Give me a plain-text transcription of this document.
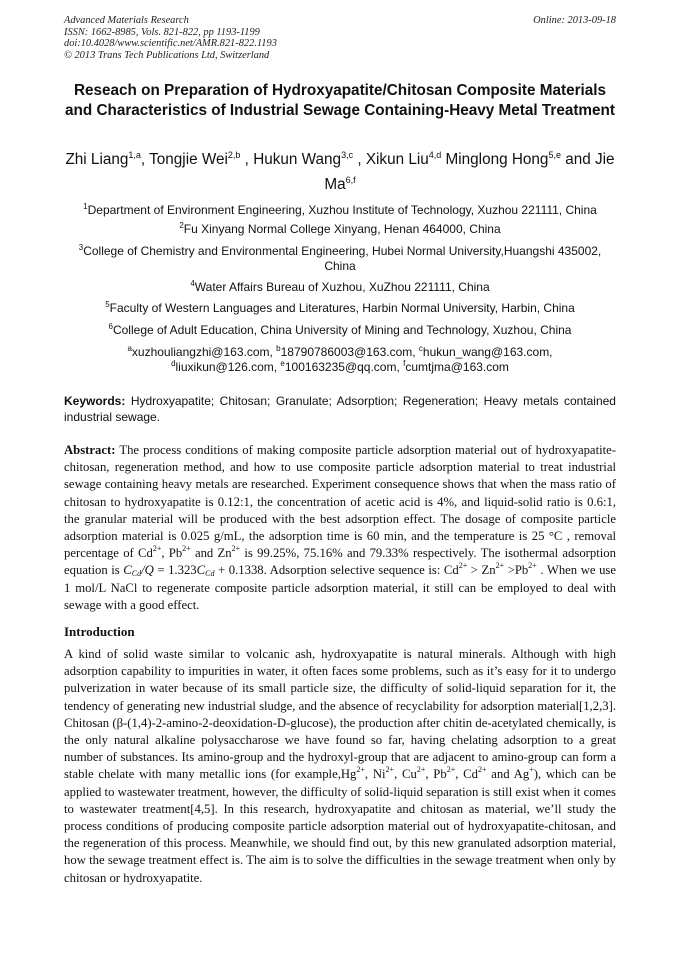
Advanced Materials Research
ISSN: 1662-8985, Vols. 821-822, pp 1193-1199
doi:10.4028/www.scientific.net/AMR.821-822.1193
© 2013 Trans Tech Publications Ltd, Switzerland
Online: 2013-09-18
Reseach on Preparation of Hydroxyapatite/Chitosan Composite Materials and Characteristics of Industrial Sewage Containing-Heavy Metal Treatment
Zhi Liang$^{1,a}$, Tongjie Wei$^{2,b}$ , Hukun Wang$^{3,c}$ , Xikun Liu$^{4,d}$ Minglong Hong$^{5,e}$ and Jie Ma$^{6,f}$
$^1$Department of Environment Engineering, Xuzhou Institute of Technology, Xuzhou 221111, China
$^2$Fu Xinyang Normal College Xinyang, Henan 464000, China
$^3$College of Chemistry and Environmental Engineering, Hubei Normal University,Huangshi 435002, China
$^4$Water Affairs Bureau of Xuzhou, XuZhou 221111, China
$^5$Faculty of Western Languages and Literatures, Harbin Normal University, Harbin, China
$^6$College of Adult Education, China University of Mining and Technology, Xuzhou, China
$^a$xuzhouliangzhi@163.com, $^b$18790786003@163.com, $^c$hukun_wang@163.com,
$^d$liuxikun@126.com, $^e$100163235@qq.com, $^f$cumtjma@163.com
Keywords: Hydroxyapatite; Chitosan; Granulate; Adsorption; Regeneration; Heavy metals contained industrial sewage.
Abstract: The process conditions of making composite particle adsorption material out of hydroxyapatite-chitosan, regeneration method, and how to use composite particle adsorption material to treat industrial sewage containing heavy metals are researched. Experiment consequence shows that when the mass ratio of chitosan to hydroxyapatite is 0.12:1, the concentration of acetic acid is 4%, and liquid-solid ratio is 0.6:1, the granular material will be produced with the best adsorption effect. The dosage of composite particle adsorption material is 0.025 g/mL, the adsorption time is 60 min, and the temperature is 25 °C , removal percentage of $Cd^{2+}$, $Pb^{2+}$ and $Zn^{2+}$ is 99.25%, 75.16% and 79.33% respectively. The isothermal adsorption equation is $C_{Cd}/Q = 1.323C_{Cd} + 0.1338$. Adsorption selective sequence is: $Cd^{2+} > Zn^{2+} >Pb^{2+}$ . When we use 1 mol/L NaCl to regenerate composite particle adsorption material, it still can be employed to deal with sewage with a good effect.
Introduction
A kind of solid waste similar to volcanic ash, hydroxyapatite is natural minerals. Although with high adsorption capability to impurities in water, it often faces some problems, such as it’s easy for it to undergo pulverization in water because of its small particle size, the difficulty of solid-liquid separation for it, the tendency of generating new industrial sludge, and the absence of recyclability for adsorption material[1,2,3]. Chitosan (β-(1,4)-2-amino-2-deoxidation-D-glucose), the production after chitin de-acetylated chemically, is the only natural alkaline polysaccharose we have found so far, having chelating adsorption to a great number of substances. Its amino-group and the hydroxyl-group that are adjacent to amino-group can form a stable chelate with many metallic ions (for $example,Hg^{2+}$, $Ni^{2+}$, $Cu^{2+}$, $Pb^{2+}$, $Cd^{2+}$ and Ag+), which can be applied to wastewater treatment, however, the difficulty of solid-liquid separation is still exist when it comes to wastewater treatment[4,5]. In this research, hydroxyapatite and chitosan as material, we’ll study the process conditions of producing composite particle adsorption material out of hydroxyapatite-chitosan, and the regeneration of this process. Meanwhile, we should find out, by this new granulated adsorption material, how the sewage treatment effect is. The aim is to solve the difficulties in the sewage treatment when only by chitosan or hydroxyapatite.
